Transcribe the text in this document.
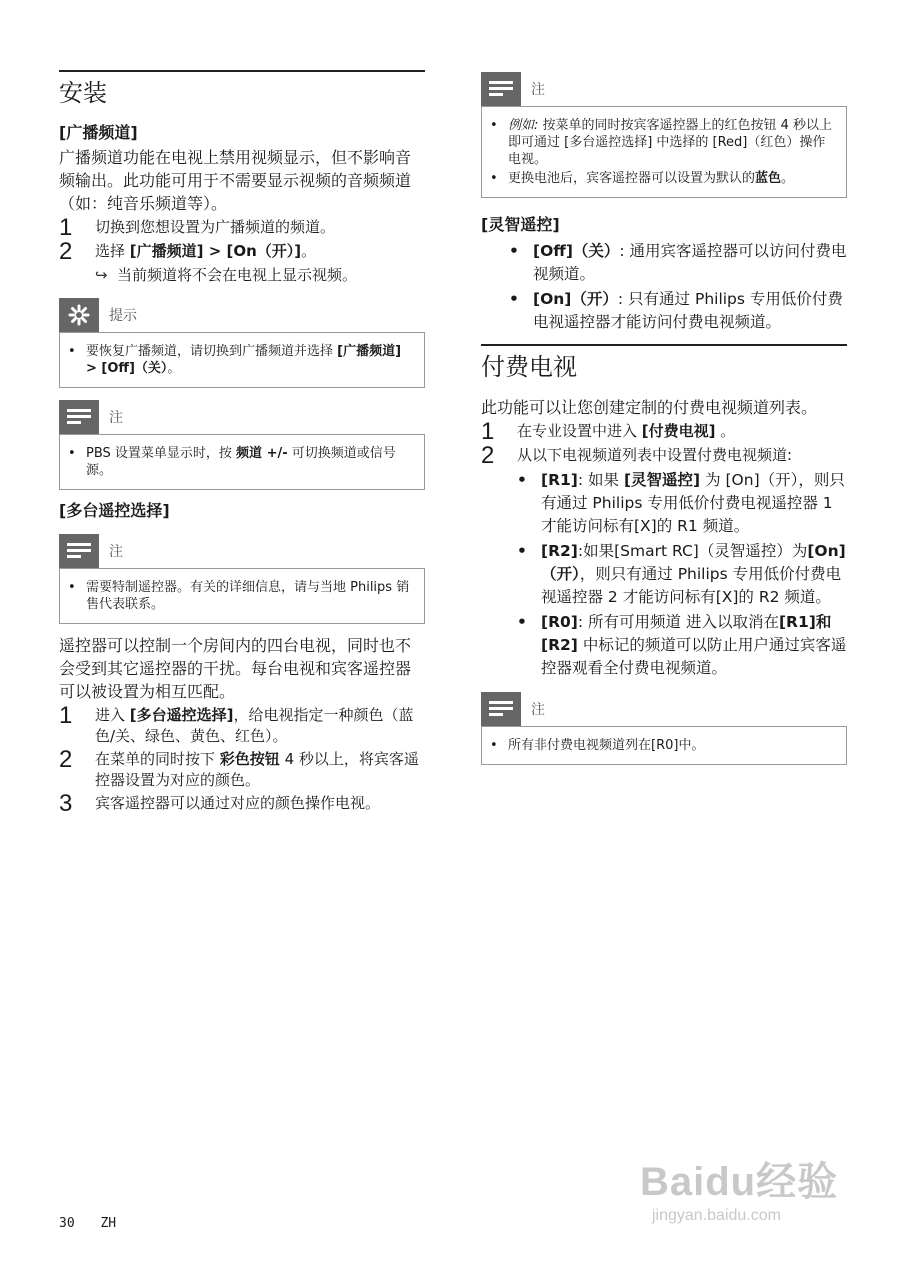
安装
[广播频道]

广播频道功能在电视上禁用视频显示，但不影响音频输出。此功能可用于不需要显示视频的音频频道（如：纯音乐频道等）。

1	切换到您想设置为广播频道的频道。
2	选择 [广播频道] > [On（开）]。
↪ 当前频道将不会在电视上显示视频。
提示
• 要恢复广播频道，请切换到广播频道并选择 [广播频道] > [Off]（关）。
注
• PBS 设置菜单显示时，按 频道 +/- 可切换频道或信号源。
[多台遥控选择]
注
• 需要特制遥控器。有关的详细信息，请与当地 Philips 销售代表联系。

遥控器可以控制一个房间内的四台电视，同时也不会受到其它遥控器的干扰。每台电视和宾客遥控器可以被设置为相互匹配。

1	进入 [多台遥控选择]，给电视指定一种颜色（蓝色/关、绿色、黄色、红色）。
2	在菜单的同时按下 彩色按钮 4 秒以上，将宾客遥控器设置为对应的颜色。
3	宾客遥控器可以通过对应的颜色操作电视。
注
• 例如: 按菜单的同时按宾客遥控器上的红色按钮 4 秒以上即可通过 [多台遥控选择] 中选择的 [Red]（红色）操作电视。
• 更换电池后，宾客遥控器可以设置为默认的蓝色。
[灵智遥控]
• [Off]（关）: 通用宾客遥控器可以访问付费电视频道。
• [On]（开）: 只有通过 Philips 专用低价付费电视遥控器才能访问付费电视频道。
付费电视

此功能可以让您创建定制的付费电视频道列表。

1	在专业设置中进入 [付费电视] 。
2	从以下电视频道列表中设置付费电视频道:
• [R1]: 如果 [灵智遥控] 为 [On]（开），则只有通过 Philips 专用低价付费电视遥控器 1 才能访问标有[X]的 R1 频道。
• [R2]:如果[Smart RC]（灵智遥控）为[On]（开），则只有通过 Philips 专用低价付费电视遥控器 2 才能访问标有[X]的 R2 频道。
• [R0]: 所有可用频道 进入以取消在[R1]和[R2] 中标记的频道可以防止用户通过宾客遥控器观看全付费电视频道。
注
• 所有非付费电视频道列在[R0]中。
Baidu经验
jingyan.baidu.com
30 ZH
